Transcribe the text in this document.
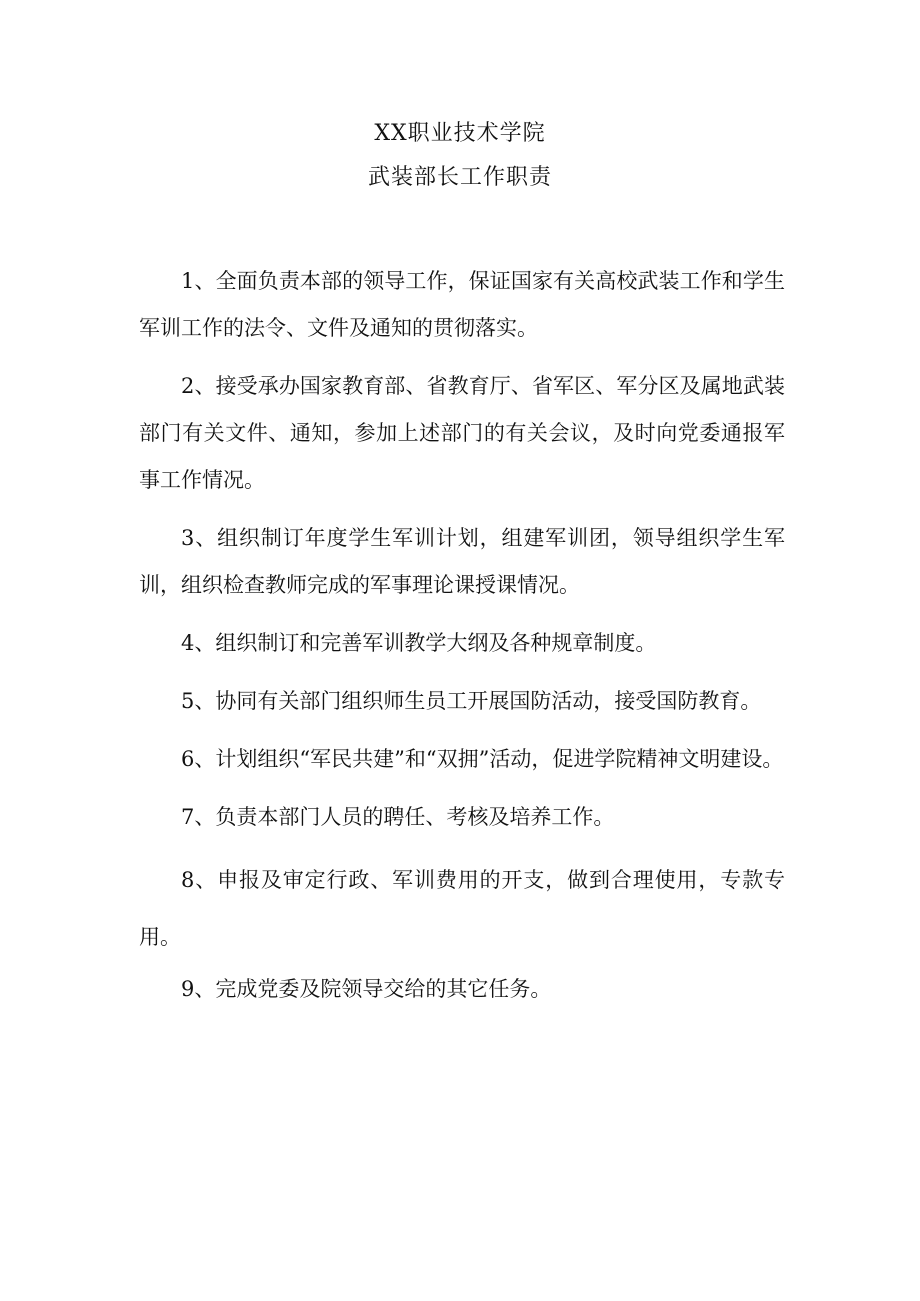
XX职业技术学院

武装部长工作职责

1、全面负责本部的领导工作，保证国家有关高校武装工作和学生军训工作的法令、文件及通知的贯彻落实。

2、接受承办国家教育部、省教育厅、省军区、军分区及属地武装部门有关文件、通知，参加上述部门的有关会议，及时向党委通报军事工作情况。

3、组织制订年度学生军训计划，组建军训团，领导组织学生军训，组织检查教师完成的军事理论课授课情况。

4、组织制订和完善军训教学大纲及各种规章制度。

5、协同有关部门组织师生员工开展国防活动，接受国防教育。

6、计划组织“军民共建”和“双拥”活动，促进学院精神文明建设。

7、负责本部门人员的聘任、考核及培养工作。

8、申报及审定行政、军训费用的开支，做到合理使用，专款专用。

9、完成党委及院领导交给的其它任务。
